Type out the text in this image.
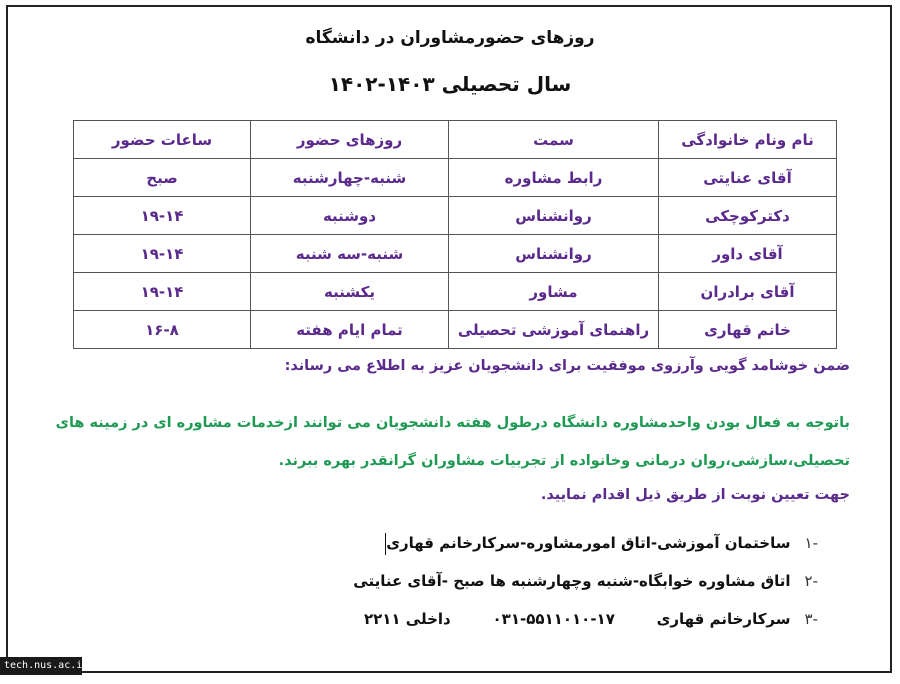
روزهای حضورمشاوران در دانشگاه
سال تحصیلی ۱۴۰۳-۱۴۰۲
نام ونام خانوادگی	سمت	روزهای حضور	ساعات حضور
آقای عنایتی	رابط مشاوره	شنبه-چهارشنبه	صبح
دکترکوچکی	روانشناس	دوشنبه	۱۹-۱۴
آقای داور	روانشناس	شنبه-سه شنبه	۱۹-۱۴
آقای برادران	مشاور	یکشنبه	۱۹-۱۴
خانم قهاری	راهنمای آموزشی تحصیلی	تمام ایام هفته	۱۶-۸
ضمن خوشامد گویی وآرزوی موفقیت برای دانشجویان عزیز به اطلاع می رساند:
باتوجه به فعال بودن واحدمشاوره دانشگاه درطول هفته دانشجویان می توانند ازخدمات مشاوره ای در زمینه های تحصیلی،سازشی،روان درمانی وخانواده از تجربیات مشاوران گرانقدر بهره ببرند.
جهت تعیین نوبت از طریق ذیل اقدام نمایید.
-۱
ساختمان آموزشی-اتاق امورمشاوره-سرکارخانم قهاری
-۲
اتاق مشاوره خوابگاه-شنبه وچهارشنبه ها صبح -آقای عنایتی
-۳
سرکارخانم قهاری        ۱۷-۵۵۱۱۰۱۰-۰۳۱        داخلی ۲۲۱۱
tech.nus.ac.ir
